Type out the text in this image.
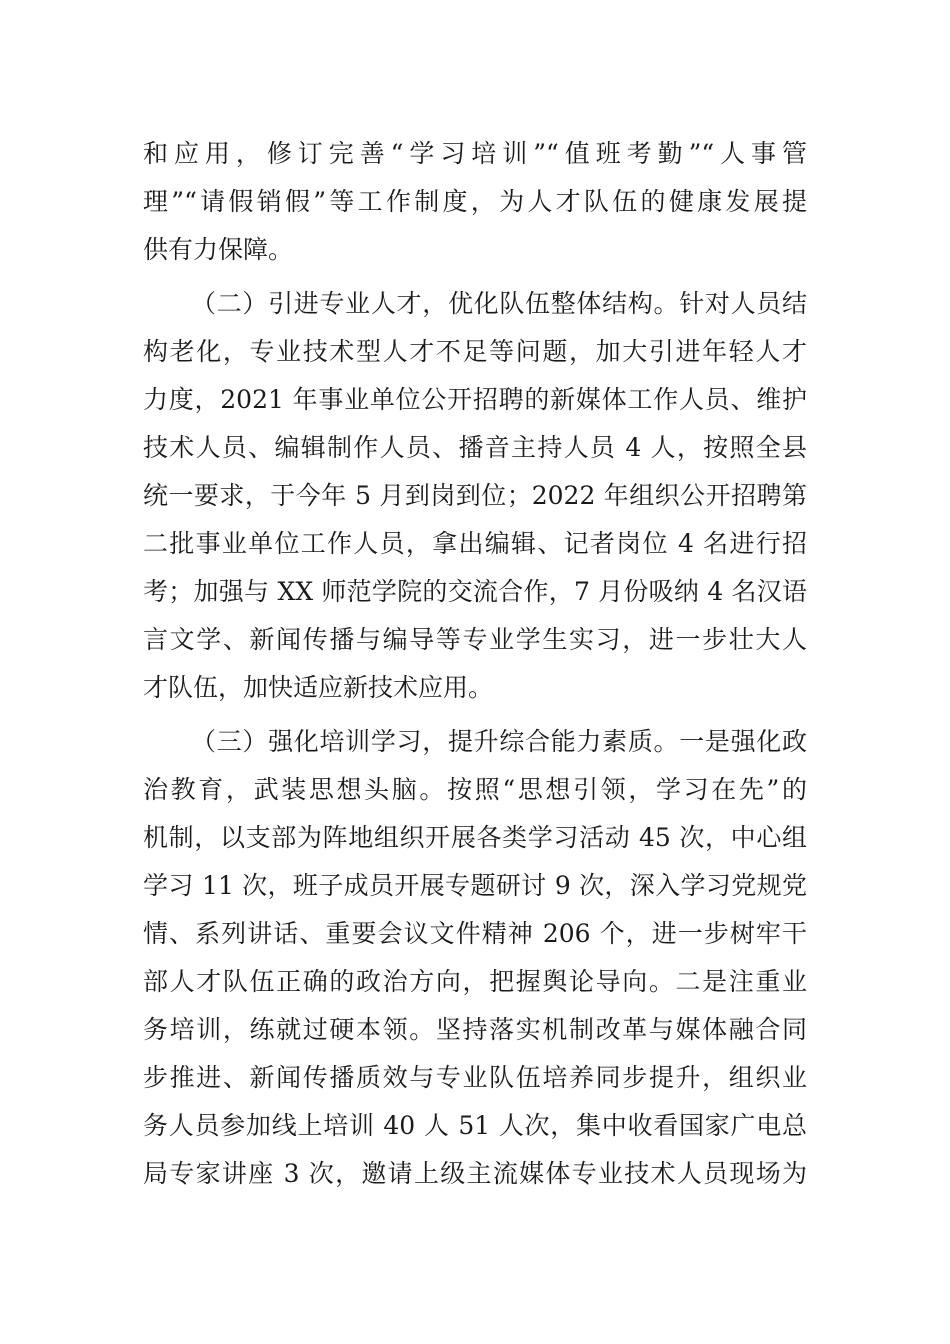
和应用，修订完善“学习培训”“值班考勤”“人事管
理”“请假销假”等工作制度，为人才队伍的健康发展提
供有力保障。
（二）引进专业人才，优化队伍整体结构。针对人员结
构老化，专业技术型人才不足等问题，加大引进年轻人才
力度，2021 年事业单位公开招聘的新媒体工作人员、维护
技术人员、编辑制作人员、播音主持人员 4 人，按照全县
统一要求，于今年 5 月到岗到位；2022 年组织公开招聘第
二批事业单位工作人员，拿出编辑、记者岗位 4 名进行招
考；加强与 XX 师范学院的交流合作，7 月份吸纳 4 名汉语
言文学、新闻传播与编导等专业学生实习，进一步壮大人
才队伍，加快适应新技术应用。
（三）强化培训学习，提升综合能力素质。一是强化政
治教育，武装思想头脑。按照“思想引领，学习在先”的
机制，以支部为阵地组织开展各类学习活动 45 次，中心组
学习 11 次，班子成员开展专题研讨 9 次，深入学习党规党
情、系列讲话、重要会议文件精神 206 个，进一步树牢干
部人才队伍正确的政治方向，把握舆论导向。二是注重业
务培训，练就过硬本领。坚持落实机制改革与媒体融合同
步推进、新闻传播质效与专业队伍培养同步提升，组织业
务人员参加线上培训 40 人 51 人次，集中收看国家广电总
局专家讲座 3 次，邀请上级主流媒体专业技术人员现场为
